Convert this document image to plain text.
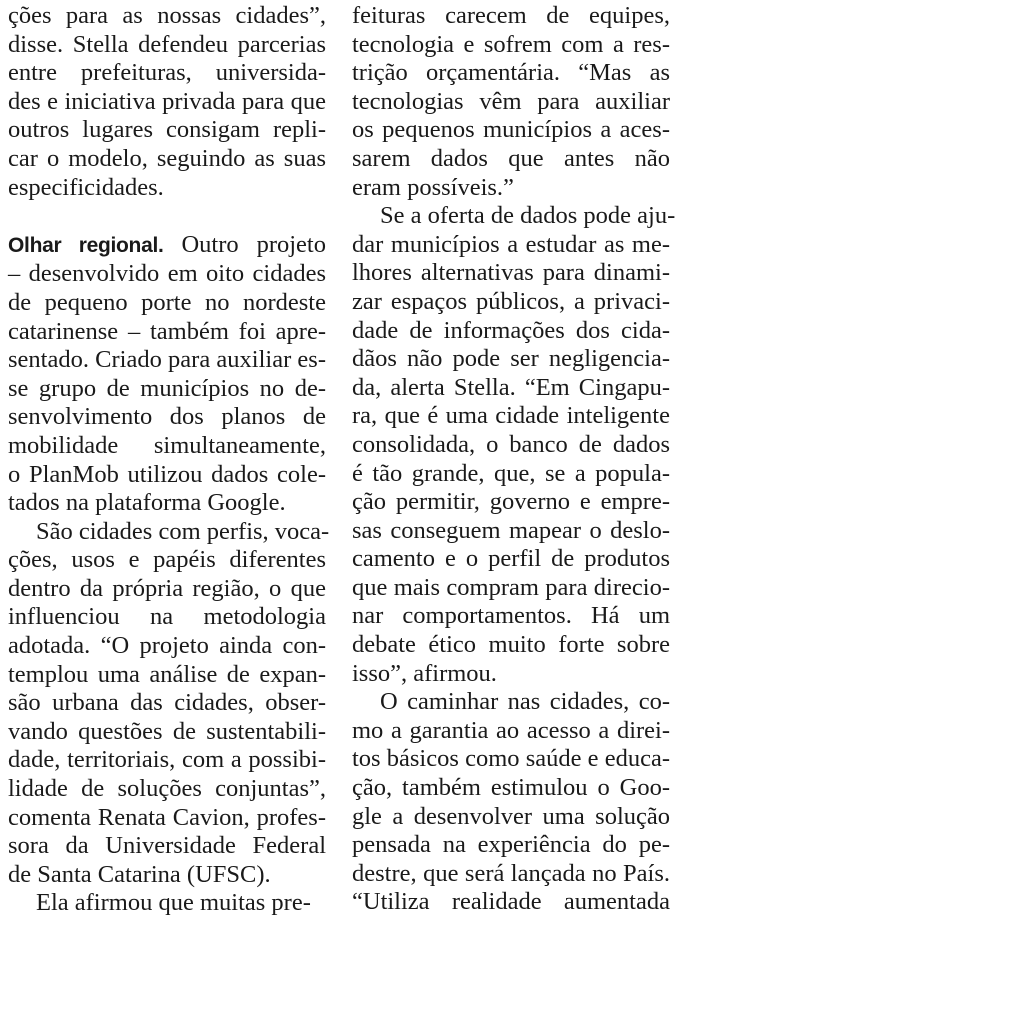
ções para as nossas cidades”,
disse. Stella defendeu parcerias
entre prefeituras, universida-
des e iniciativa privada para que
outros lugares consigam repli-
car o modelo, seguindo as suas
especificidades.
Olhar regional. Outro projeto
– desenvolvido em oito cidades
de pequeno porte no nordeste
catarinense – também foi apre-
sentado. Criado para auxiliar es-
se grupo de municípios no de-
senvolvimento dos planos de
mobilidade simultaneamente,
o PlanMob utilizou dados cole-
tados na plataforma Google.
São cidades com perfis, voca-
ções, usos e papéis diferentes
dentro da própria região, o que
influenciou na metodologia
adotada. “O projeto ainda con-
templou uma análise de expan-
são urbana das cidades, obser-
vando questões de sustentabili-
dade, territoriais, com a possibi-
lidade de soluções conjuntas”,
comenta Renata Cavion, profes-
sora da Universidade Federal
de Santa Catarina (UFSC).
Ela afirmou que muitas pre-
feituras carecem de equipes,
tecnologia e sofrem com a res-
trição orçamentária. “Mas as
tecnologias vêm para auxiliar
os pequenos municípios a aces-
sarem dados que antes não
eram possíveis.”
Se a oferta de dados pode aju-
dar municípios a estudar as me-
lhores alternativas para dinami-
zar espaços públicos, a privaci-
dade de informações dos cida-
dãos não pode ser negligencia-
da, alerta Stella. “Em Cingapu-
ra, que é uma cidade inteligente
consolidada, o banco de dados
é tão grande, que, se a popula-
ção permitir, governo e empre-
sas conseguem mapear o deslo-
camento e o perfil de produtos
que mais compram para direcio-
nar comportamentos. Há um
debate ético muito forte sobre
isso”, afirmou.
O caminhar nas cidades, co-
mo a garantia ao acesso a direi-
tos básicos como saúde e educa-
ção, também estimulou o Goo-
gle a desenvolver uma solução
pensada na experiência do pe-
destre, que será lançada no País.
“Utiliza realidade aumentada
